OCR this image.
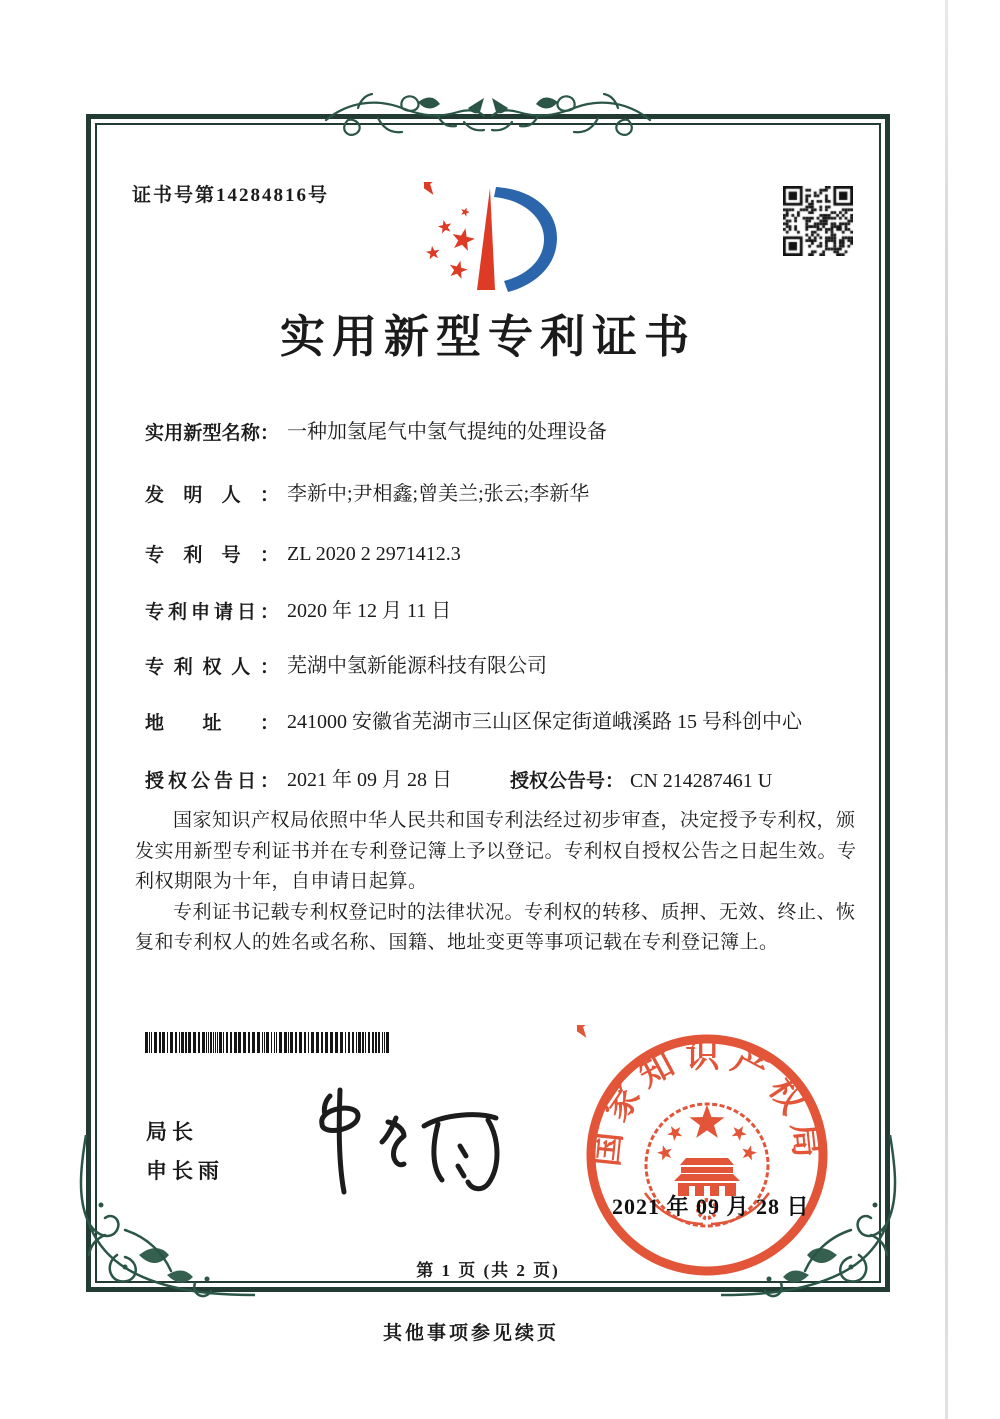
证书号第14284816号
实用新型专利证书
实用新型名称： 一种加氢尾气中氢气提纯的处理设备
发明人： 李新中;尹相鑫;曾美兰;张云;李新华
专利号： ZL 2020 2 2971412.3
专利申请日： 2020 年 12 月 11 日
专利权人： 芜湖中氢新能源科技有限公司
地址： 241000 安徽省芜湖市三山区保定街道峨溪路 15 号科创中心
授权公告日： 2021 年 09 月 28 日	授权公告号： CN 214287461 U

国家知识产权局依照中华人民共和国专利法经过初步审查，决定授予专利权，颁发实用新型专利证书并在专利登记簿上予以登记。专利权自授权公告之日起生效。专利权期限为十年，自申请日起算。

专利证书记载专利权登记时的法律状况。专利权的转移、质押、无效、终止、恢复和专利权人的姓名或名称、国籍、地址变更等事项记载在专利登记簿上。

局长
申长雨
国家知识产权局
2021 年 09 月 28 日
第 1 页 (共 2 页)
其他事项参见续页
